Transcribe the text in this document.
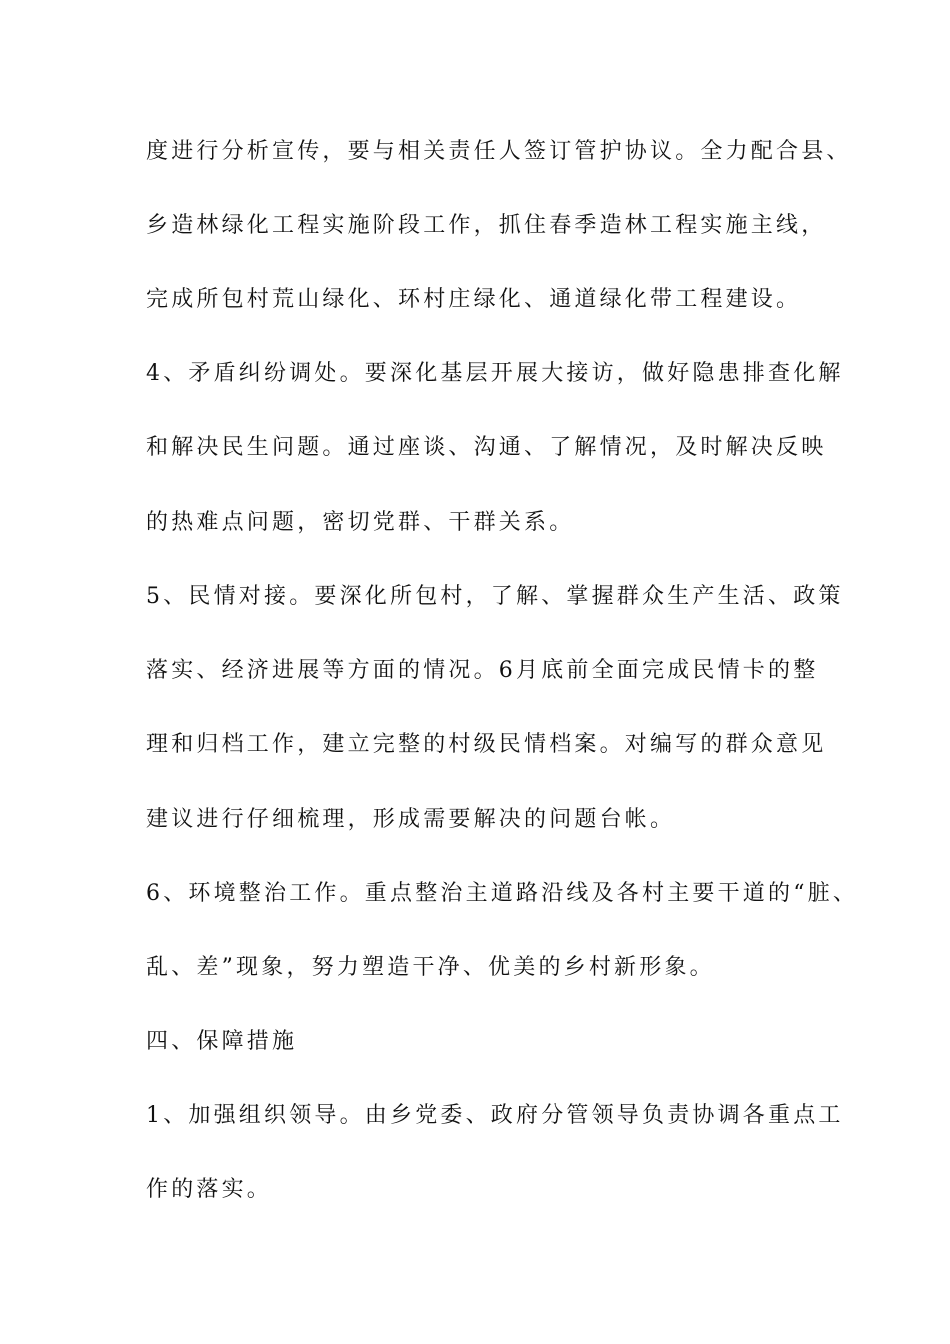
度进行分析宣传，要与相关责任人签订管护协议。全力配合县、
乡造林绿化工程实施阶段工作，抓住春季造林工程实施主线，
完成所包村荒山绿化、环村庄绿化、通道绿化带工程建设。
4、矛盾纠纷调处。要深化基层开展大接访，做好隐患排查化解
和解决民生问题。通过座谈、沟通、了解情况，及时解决反映
的热难点问题，密切党群、干群关系。
5、民情对接。要深化所包村，了解、掌握群众生产生活、政策
落实、经济进展等方面的情况。6月底前全面完成民情卡的整
理和归档工作，建立完整的村级民情档案。对编写的群众意见
建议进行仔细梳理，形成需要解决的问题台帐。
6、环境整治工作。重点整治主道路沿线及各村主要干道的“脏、
乱、差”现象，努力塑造干净、优美的乡村新形象。
四、保障措施
1、加强组织领导。由乡党委、政府分管领导负责协调各重点工
作的落实。
